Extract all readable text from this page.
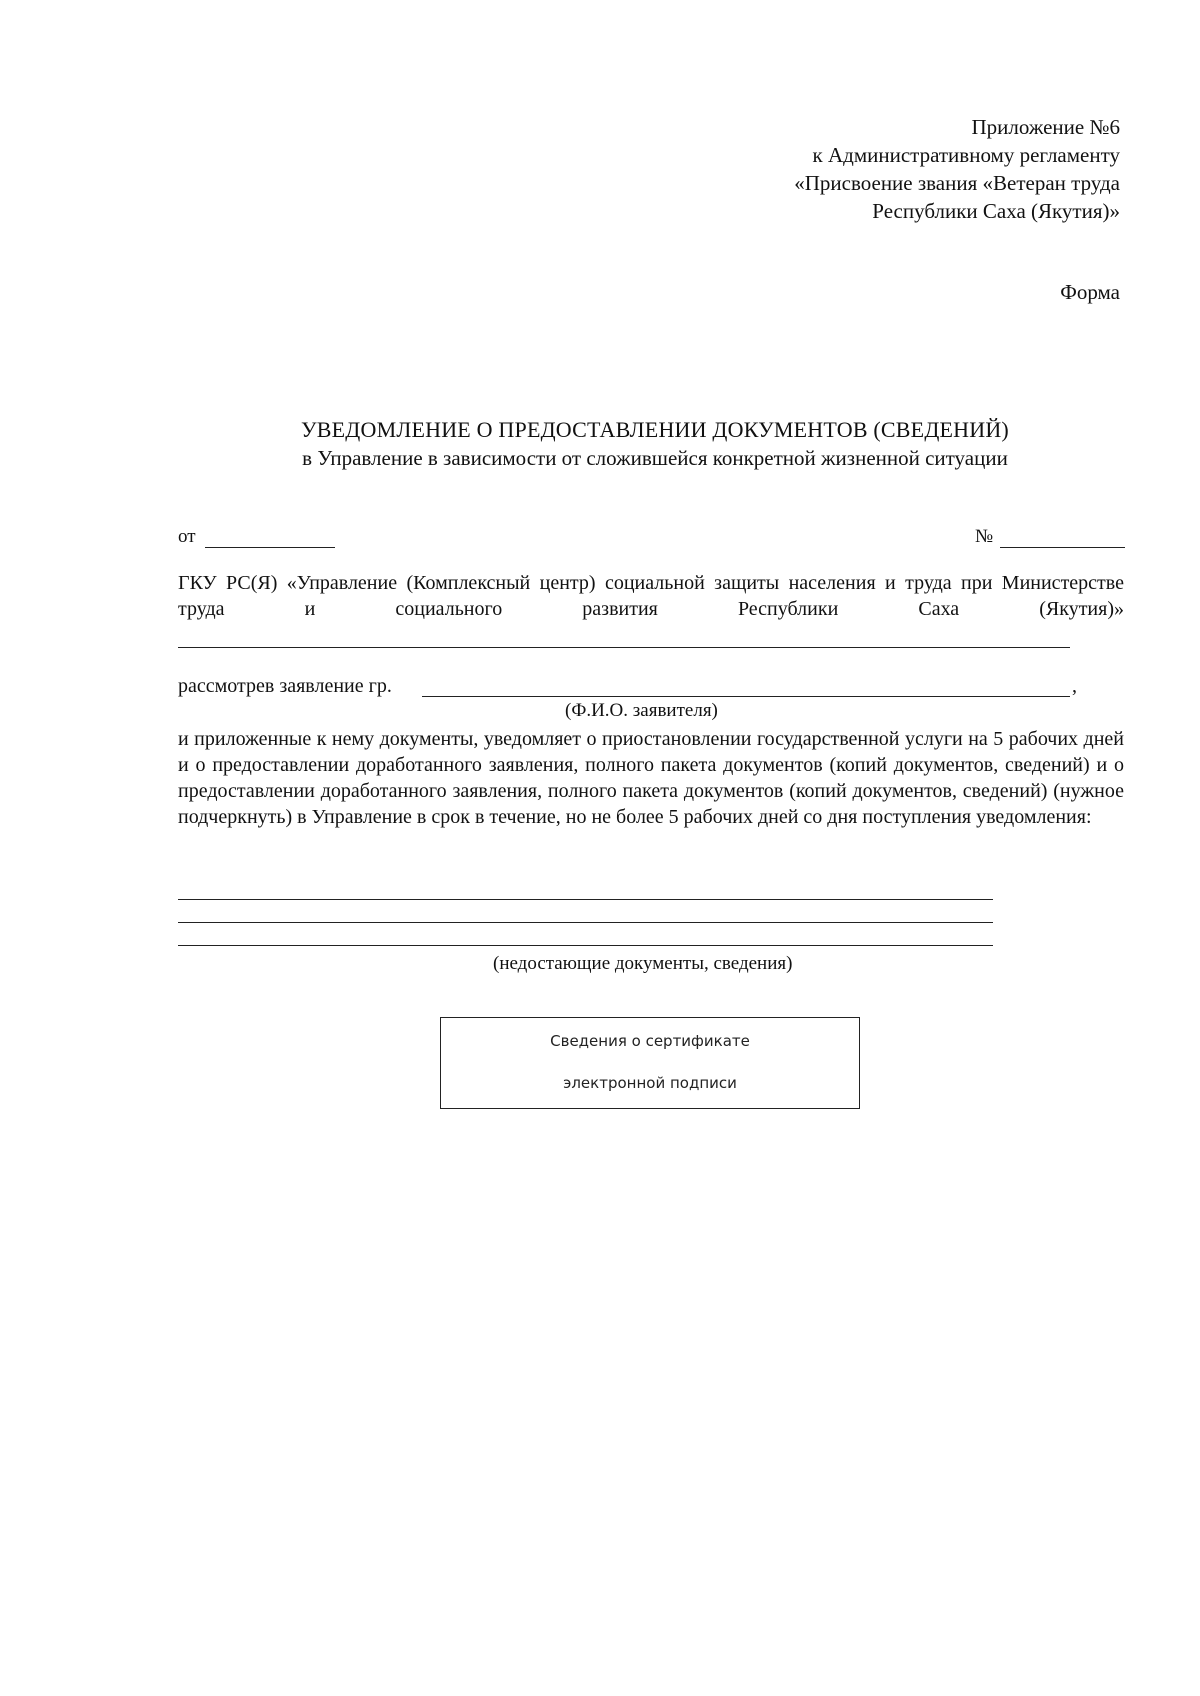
Приложение №6
к Административному регламенту
«Присвоение звания «Ветеран труда
Республики Саха (Якутия)»
Форма
УВЕДОМЛЕНИЕ О ПРЕДОСТАВЛЕНИИ ДОКУМЕНТОВ (СВЕДЕНИЙ)
в Управление в зависимости от сложившейся конкретной жизненной ситуации
от	№
ГКУ РС(Я) «Управление (Комплексный центр) социальной защиты населения и труда при Министерстве труда и социального развития Республики Саха (Якутия)»
рассмотрев заявление гр.	,
(Ф.И.О. заявителя)
и приложенные к нему документы, уведомляет о приостановлении государственной услуги на 5 рабочих дней и о предоставлении доработанного заявления, полного пакета документов (копий документов, сведений) и о предоставлении доработанного заявления, полного пакета документов (копий документов, сведений) (нужное подчеркнуть) в Управление в срок в течение, но не более 5 рабочих дней со дня поступления уведомления:
(недостающие документы, сведения)
Сведения о сертификате
электронной подписи
